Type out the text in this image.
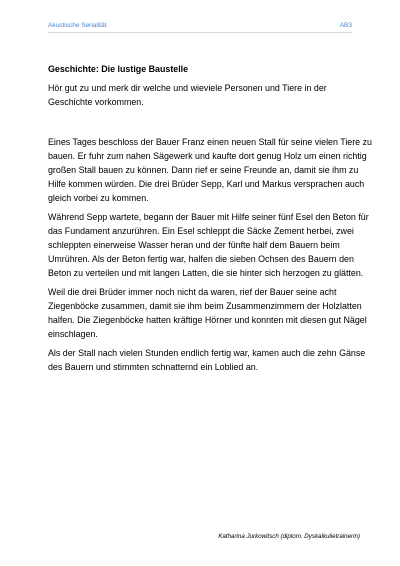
Akustische Serialität	AB3

Geschichte: Die lustige Baustelle

Hör gut zu und merk dir welche und wieviele Personen und Tiere in der Geschichte vorkommen.

Eines Tages beschloss der Bauer Franz einen neuen Stall für seine vielen Tiere zu bauen. Er fuhr zum nahen Sägewerk und kaufte dort genug Holz um einen richtig großen Stall bauen zu können. Dann rief er seine Freunde an, damit sie ihm zu Hilfe kommen würden. Die drei Brüder Sepp, Karl und Markus versprachen auch gleich vorbei zu kommen.

Während Sepp wartete, begann der Bauer mit Hilfe seiner fünf Esel den Beton für das Fundament anzurühren. Ein Esel schleppt die Säcke Zement herbei, zwei schleppten einerweise Wasser heran und der fünfte half dem Bauern beim Umrühren. Als der Beton fertig war, halfen die sieben Ochsen des Bauern den Beton zu verteilen und mit langen Latten, die sie hinter sich herzogen zu glätten.

Weil die drei Brüder immer noch nicht da waren, rief der Bauer seine acht Ziegenböcke zusammen, damit sie ihm beim Zusammenzimmern der Holzlatten halfen. Die Ziegenböcke hatten kräftige Hörner und konnten mit diesen gut Nägel einschlagen.

Als der Stall nach vielen Stunden endlich fertig war, kamen auch die zehn Gänse des Bauern und stimmten schnatternd ein Loblied an.

Katharina Jurkowitsch (diplom. Dyskalkulietrainerin)
